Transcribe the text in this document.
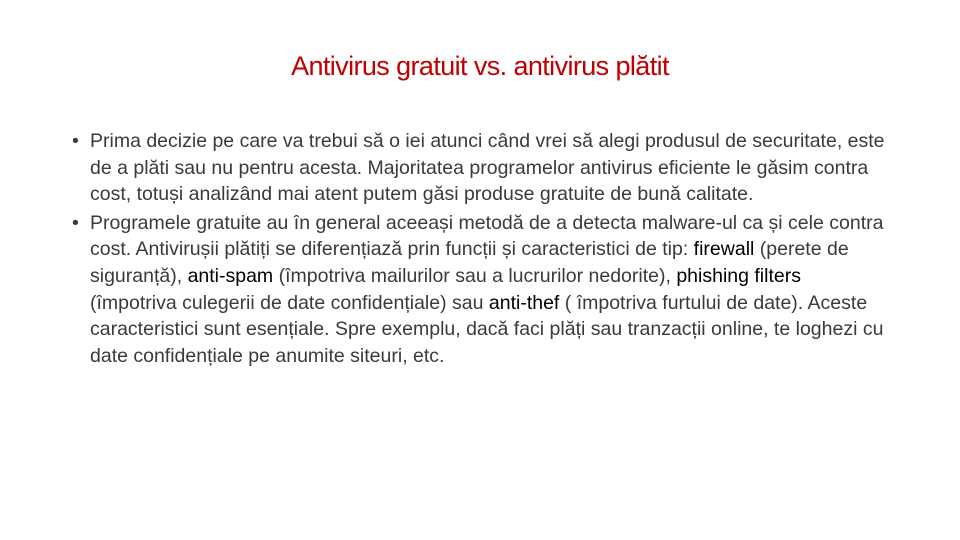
Antivirus gratuit vs. antivirus plătit
• Prima decizie pe care va trebui să o iei atunci când vrei să alegi produsul de securitate, este de a plăti sau nu pentru acesta. Majoritatea programelor antivirus eficiente le găsim contra cost, totuși analizând mai atent putem găsi produse gratuite de bună calitate.
• Programele gratuite au în general aceeași metodă de a detecta malware-ul ca și cele contra cost. Antivirușii plătiți se diferențiază prin funcții și caracteristici de tip: firewall (perete de siguranță), anti-spam (împotriva mailurilor sau a lucrurilor nedorite), phishing filters (împotriva culegerii de date confidențiale) sau anti-thef ( împotriva furtului de date). Aceste caracteristici sunt esențiale. Spre exemplu, dacă faci plăți sau tranzacții online, te loghezi cu date confidențiale pe anumite siteuri, etc.
